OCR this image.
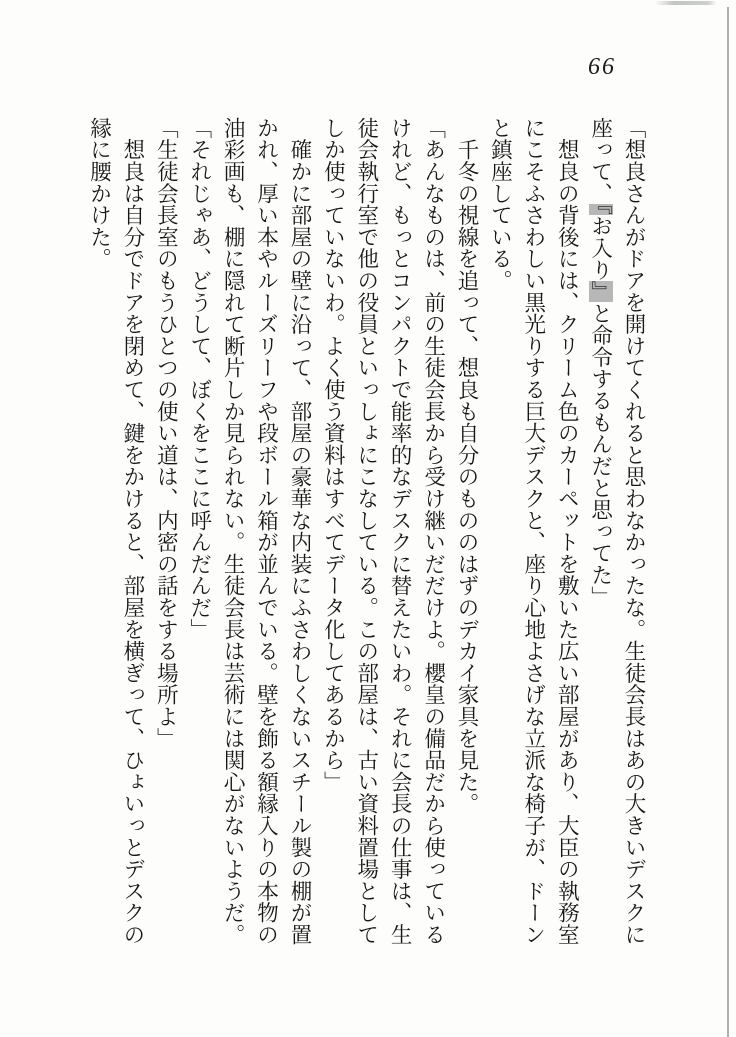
66

「想良さんがドアを開けてくれると思わなかったな。生徒会長はあの大きいデスクに

座って、『お入り』と命令するもんだと思ってた」

　想良の背後には、クリーム色のカーペットを敷いた広い部屋があり、大臣の執務室

にこそふさわしい黒光りする巨大デスクと、座り心地よさげな立派な椅子が、ドーン

と鎮座している。

　千冬の視線を追って、想良も自分のもののはずのデカイ家具を見た。

「あんなものは、前の生徒会長から受け継いだだけよ。櫻皇の備品だから使っている

けれど、もっとコンパクトで能率的なデスクに替えたいわ。それに会長の仕事は、生

徒会執行室で他の役員といっしょにこなしている。この部屋は、古い資料置場として

しか使っていないわ。よく使う資料はすべてデータ化してあるから」

　確かに部屋の壁に沿って、部屋の豪華な内装にふさわしくないスチール製の棚が置

かれ、厚い本やルーズリーフや段ボール箱が並んでいる。壁を飾る額縁入りの本物の

油彩画も、棚に隠れて断片しか見られない。生徒会長は芸術には関心がないようだ。

「それじゃあ、どうして、ぼくをここに呼んだんだ」

「生徒会長室のもうひとつの使い道は、内密の話をする場所よ」

　想良は自分でドアを閉めて、鍵をかけると、部屋を横ぎって、ひょいっとデスクの

縁に腰かけた。
